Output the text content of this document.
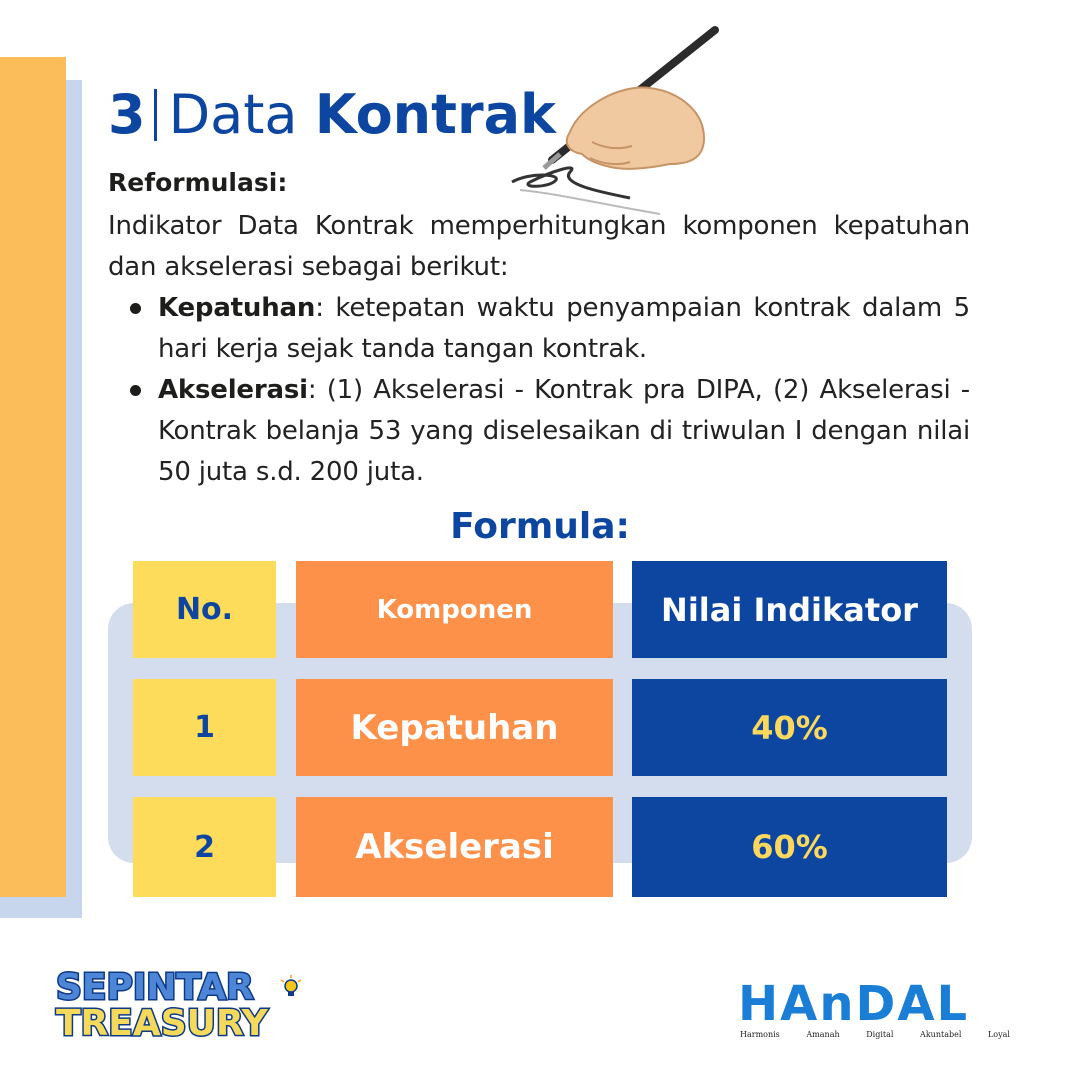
3 Data Kontrak
Reformulasi:
Indikator Data Kontrak memperhitungkan komponen kepatuhan dan akselerasi sebagai berikut:
Kepatuhan: ketepatan waktu penyampaian kontrak dalam 5 hari kerja sejak tanda tangan kontrak.
Akselerasi: (1) Akselerasi - Kontrak pra DIPA, (2) Akselerasi - Kontrak belanja 53 yang diselesaikan di triwulan I dengan nilai 50 juta s.d. 200 juta.
Formula:
No.	Komponen	Nilai Indikator
1	Kepatuhan	40%
2	Akselerasi	60%
SEPINTAR
TREASURY	HAnDAL
Harmonis	Amanah	Digital	Akuntabel	Loyal
